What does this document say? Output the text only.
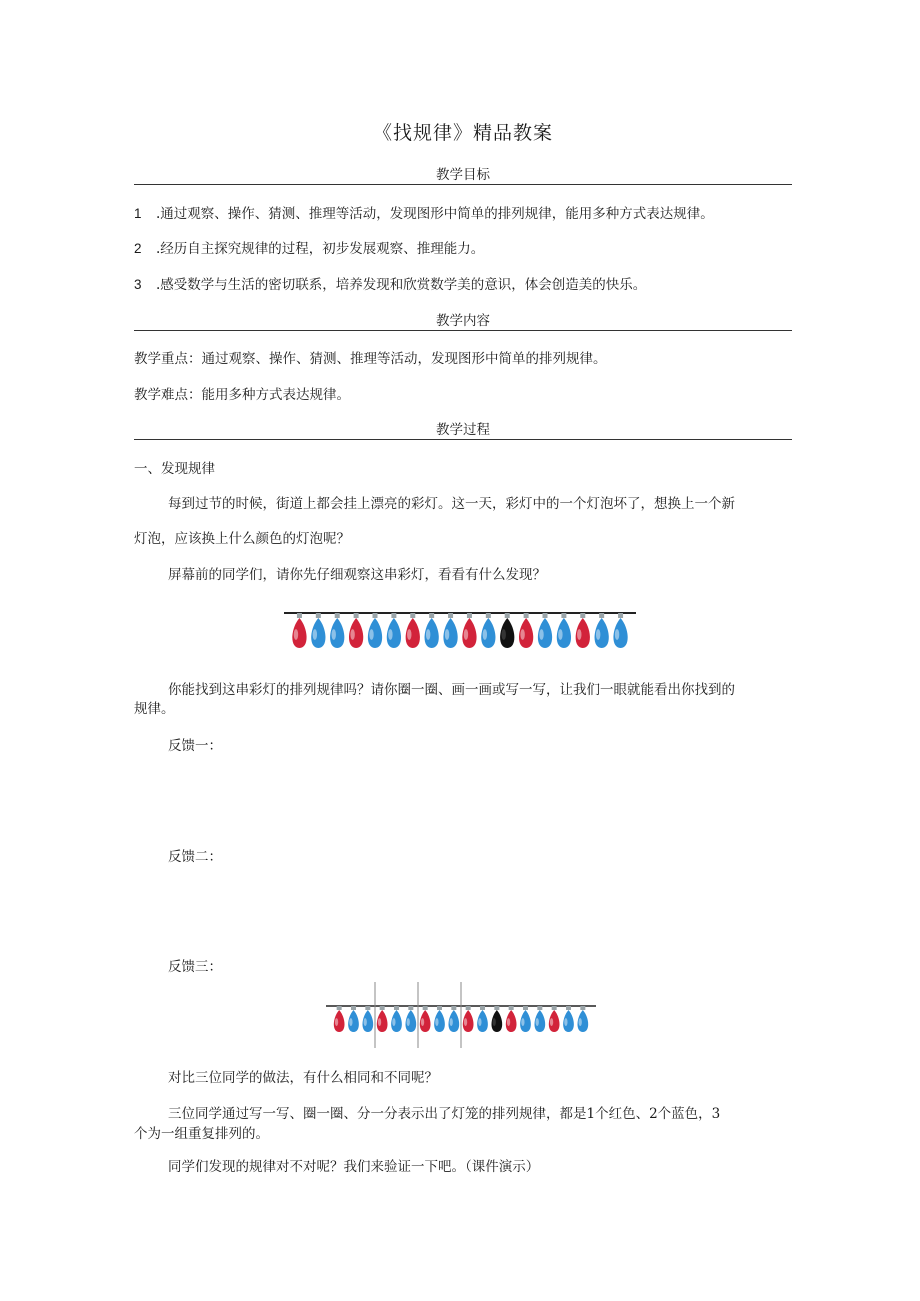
《找规律》精品教案
教学目标
1 .通过观察、操作、猜测、推理等活动，发现图形中简单的排列规律，能用多种方式表达规律。
2 .经历自主探究规律的过程，初步发展观察、推理能力。
3 .感受数学与生活的密切联系，培养发现和欣赏数学美的意识，体会创造美的快乐。
教学内容
教学重点：通过观察、操作、猜测、推理等活动，发现图形中简单的排列规律。
教学难点：能用多种方式表达规律。
教学过程
一、发现规律
每到过节的时候，街道上都会挂上漂亮的彩灯。这一天，彩灯中的一个灯泡坏了，想换上一个新
灯泡，应该换上什么颜色的灯泡呢？
屏幕前的同学们，请你先仔细观察这串彩灯，看看有什么发现？
你能找到这串彩灯的排列规律吗？请你圈一圈、画一画或写一写，让我们一眼就能看出你找到的
规律。
反馈一：
反馈二：
反馈三：
对比三位同学的做法，有什么相同和不同呢？
三位同学通过写一写、圈一圈、分一分表示出了灯笼的排列规律，都是1个红色、2个蓝色，3
个为一组重复排列的。
同学们发现的规律对不对呢？我们来验证一下吧。（课件演示）
